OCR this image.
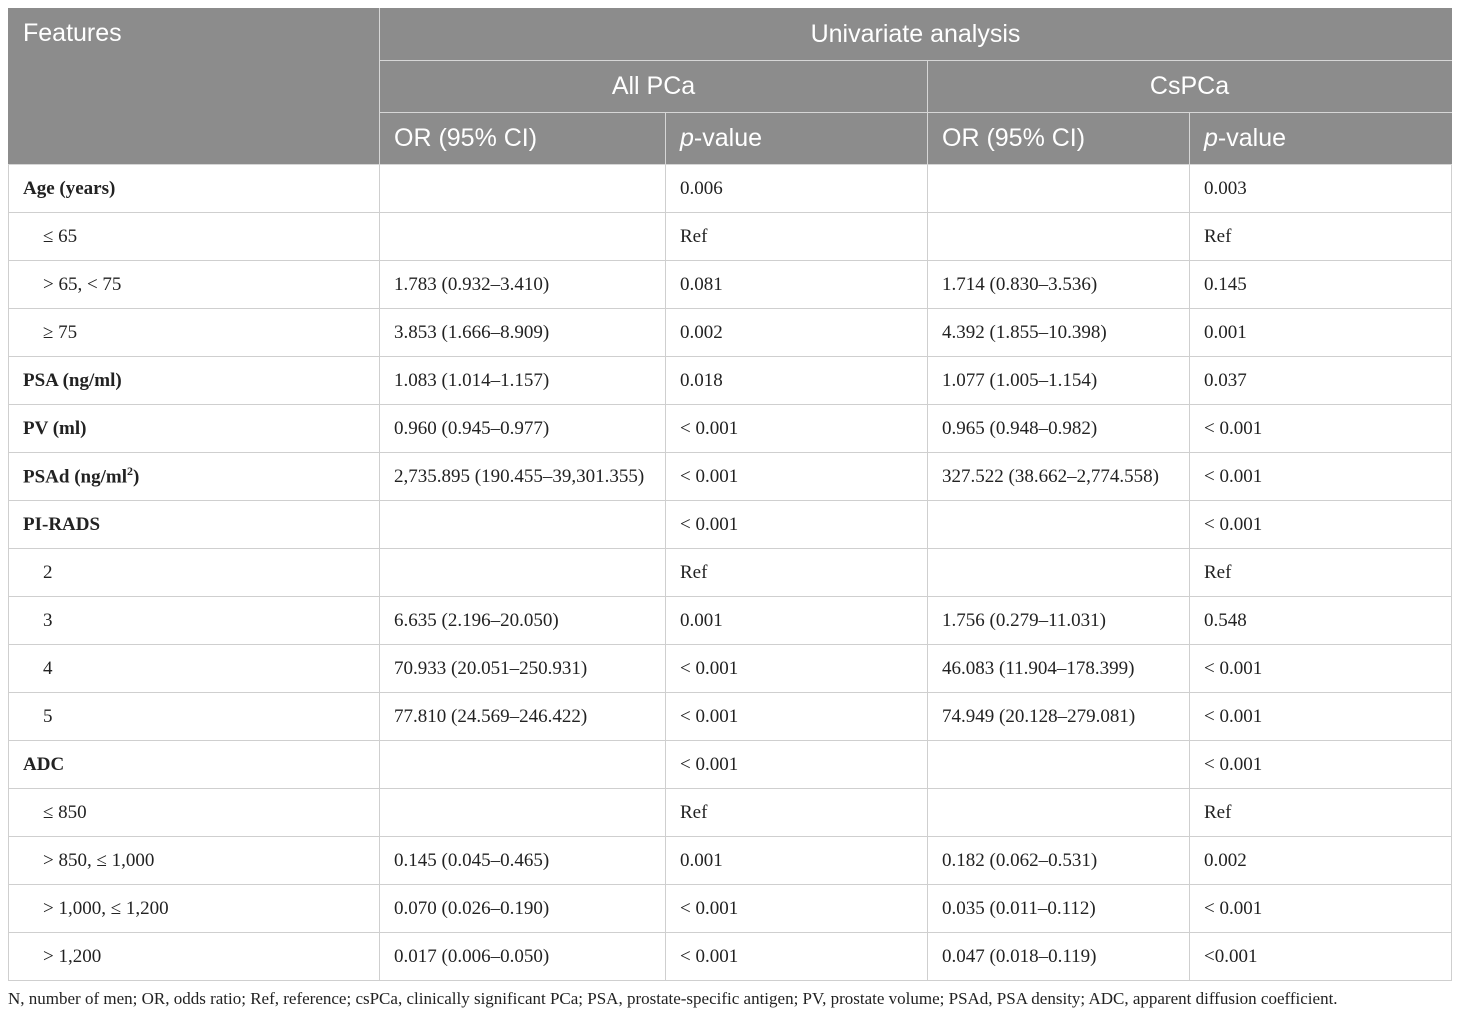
Features	Univariate analysis			
	All PCa		CsPCa	
	OR (95% CI)	p-value	OR (95% CI)	p-value
Age (years)		0.006		0.003
≤ 65		Ref		Ref
> 65, < 75	1.783 (0.932–3.410)	0.081	1.714 (0.830–3.536)	0.145
≥ 75	3.853 (1.666–8.909)	0.002	4.392 (1.855–10.398)	0.001
PSA (ng/ml)	1.083 (1.014–1.157)	0.018	1.077 (1.005–1.154)	0.037
PV (ml)	0.960 (0.945–0.977)	< 0.001	0.965 (0.948–0.982)	< 0.001
PSAd $(ng/ml^2)$	2,735.895 (190.455–39,301.355)	< 0.001	327.522 (38.662–2,774.558)	< 0.001
PI-RADS		< 0.001		< 0.001
2		Ref		Ref
3	6.635 (2.196–20.050)	0.001	1.756 (0.279–11.031)	0.548
4	70.933 (20.051–250.931)	< 0.001	46.083 (11.904–178.399)	< 0.001
5	77.810 (24.569–246.422)	< 0.001	74.949 (20.128–279.081)	< 0.001
ADC		< 0.001		< 0.001
≤ 850		Ref		Ref
> 850, ≤ 1,000	0.145 (0.045–0.465)	0.001	0.182 (0.062–0.531)	0.002
> 1,000, ≤ 1,200	0.070 (0.026–0.190)	< 0.001	0.035 (0.011–0.112)	< 0.001
> 1,200	0.017 (0.006–0.050)	< 0.001	0.047 (0.018–0.119)	<0.001
N, number of men; OR, odds ratio; Ref, reference; csPCa, clinically significant PCa; PSA, prostate-specific antigen; PV, prostate volume; PSAd, PSA density; ADC, apparent diffusion coefficient.
